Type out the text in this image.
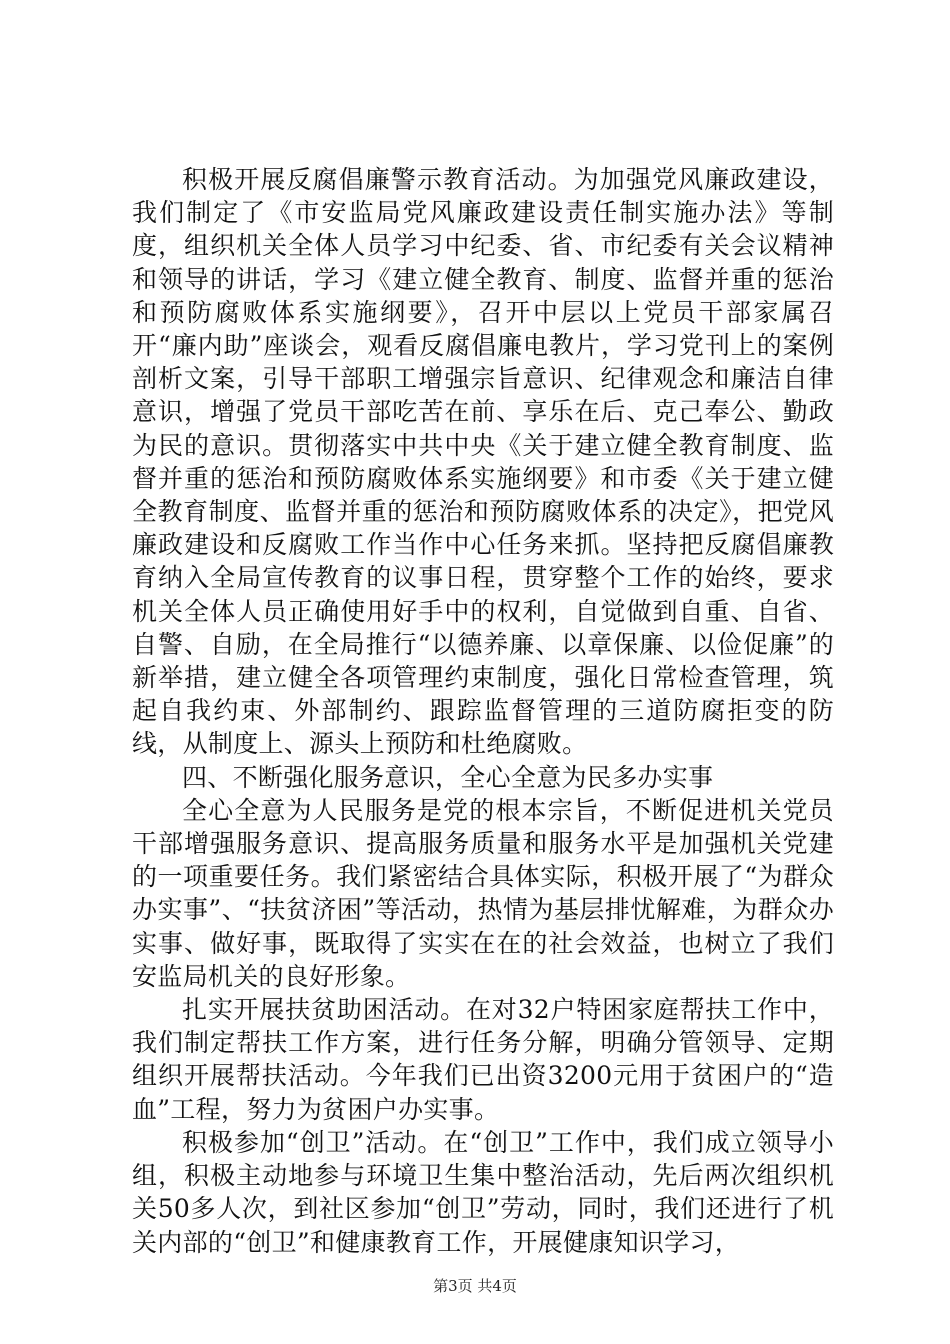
积极开展反腐倡廉警示教育活动。为加强党风廉政建设，我们制定了《市安监局党风廉政建设责任制实施办法》等制度，组织机关全体人员学习中纪委、省、市纪委有关会议精神和领导的讲话，学习《建立健全教育、制度、监督并重的惩治和预防腐败体系实施纲要》，召开中层以上党员干部家属召开“廉内助”座谈会，观看反腐倡廉电教片，学习党刊上的案例剖析文案，引导干部职工增强宗旨意识、纪律观念和廉洁自律意识，增强了党员干部吃苦在前、享乐在后、克己奉公、勤政为民的意识。贯彻落实中共中央《关于建立健全教育制度、监督并重的惩治和预防腐败体系实施纲要》和市委《关于建立健全教育制度、监督并重的惩治和预防腐败体系的决定》，把党风廉政建设和反腐败工作当作中心任务来抓。坚持把反腐倡廉教育纳入全局宣传教育的议事日程，贯穿整个工作的始终，要求机关全体人员正确使用好手中的权利，自觉做到自重、自省、自警、自励，在全局推行“以德养廉、以章保廉、以俭促廉”的新举措，建立健全各项管理约束制度，强化日常检查管理，筑起自我约束、外部制约、跟踪监督管理的三道防腐拒变的防线，从制度上、源头上预防和杜绝腐败。

四、不断强化服务意识，全心全意为民多办实事

全心全意为人民服务是党的根本宗旨，不断促进机关党员干部增强服务意识、提高服务质量和服务水平是加强机关党建的一项重要任务。我们紧密结合具体实际，积极开展了“为群众办实事”、“扶贫济困”等活动，热情为基层排忧解难，为群众办实事、做好事，既取得了实实在在的社会效益，也树立了我们安监局机关的良好形象。

扎实开展扶贫助困活动。在对32户特困家庭帮扶工作中，我们制定帮扶工作方案，进行任务分解，明确分管领导、定期组织开展帮扶活动。今年我们已出资3200元用于贫困户的“造血”工程，努力为贫困户办实事。

积极参加“创卫”活动。在“创卫”工作中，我们成立领导小组，积极主动地参与环境卫生集中整治活动，先后两次组织机关50多人次，到社区参加“创卫”劳动，同时，我们还进行了机关内部的“创卫”和健康教育工作，开展健康知识学习，

第3页 共4页
